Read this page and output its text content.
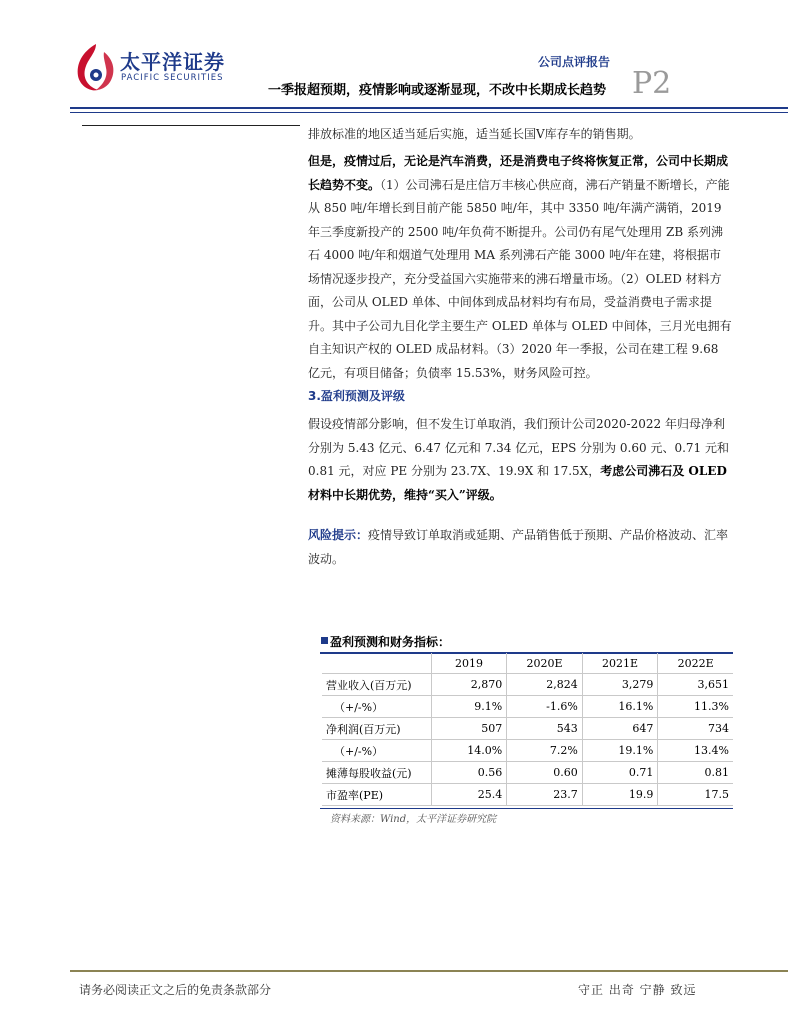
太平洋证券
PACIFIC SECURITIES
公司点评报告
P2
一季报超预期，疫情影响或逐渐显现，不改中长期成长趋势
排放标准的地区适当延后实施，适当延长国Ⅴ库存车的销售期。
但是，疫情过后，无论是汽车消费，还是消费电子终将恢复正常，公司中长期成长趋势不变。（1）公司沸石是庄信万丰核心供应商，沸石产销量不断增长，产能从 850 吨/年增长到目前产能 5850 吨/年，其中 3350 吨/年满产满销，2019 年三季度新投产的 2500 吨/年负荷不断提升。公司仍有尾气处理用 ZB 系列沸石 4000 吨/年和烟道气处理用 MA 系列沸石产能 3000 吨/年在建，将根据市场情况逐步投产，充分受益国六实施带来的沸石增量市场。（2）OLED 材料方面，公司从 OLED 单体、中间体到成品材料均有布局，受益消费电子需求提升。其中子公司九目化学主要生产 OLED 单体与 OLED 中间体，三月光电拥有自主知识产权的 OLED 成品材料。（3）2020 年一季报，公司在建工程 9.68 亿元，有项目储备；负债率 15.53%，财务风险可控。
3.盈利预测及评级
假设疫情部分影响，但不发生订单取消，我们预计公司2020-2022 年归母净利分别为 5.43 亿元、6.47 亿元和 7.34 亿元，EPS 分别为 0.60 元、0.71 元和 0.81 元，对应 PE 分别为 23.7X、19.9X 和 17.5X，考虑公司沸石及 OLED 材料中长期优势，维持“买入”评级。
风险提示：疫情导致订单取消或延期、产品销售低于预期、产品价格波动、汇率波动。
盈利预测和财务指标：
	2019	2020E	2021E	2022E
营业收入(百万元)	2,870	2,824	3,279	3,651
（+/-%）	9.1%	-1.6%	16.1%	11.3%
净利润(百万元)	507	543	647	734
（+/-%）	14.0%	7.2%	19.1%	13.4%
摊薄每股收益(元)	0.56	0.60	0.71	0.81
市盈率(PE)	25.4	23.7	19.9	17.5
资料来源：Wind，太平洋证券研究院
请务必阅读正文之后的免责条款部分	守正 出奇 宁静 致远
